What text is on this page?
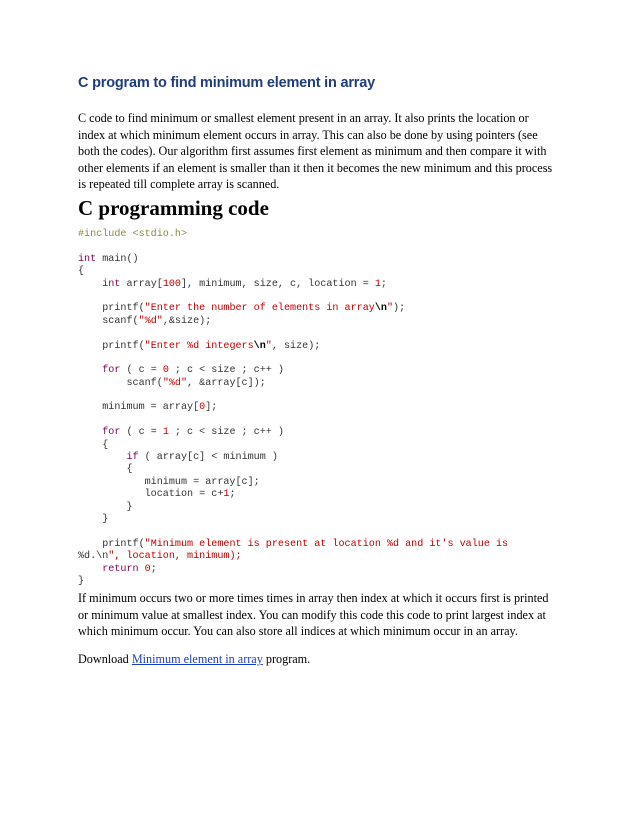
C program to find minimum element in array
C code to find minimum or smallest element present in an array. It also prints the location or
index at which minimum element occurs in array. This can also be done by using pointers (see
both the codes). Our algorithm first assumes first element as minimum and then compare it with
other elements if an element is smaller than it then it becomes the new minimum and this process
is repeated till complete array is scanned.
C programming code
#include <stdio.h>
int main()
{
int array[100], minimum, size, c, location = 1;
printf("Enter the number of elements in array\n");
scanf("%d",&size);
printf("Enter %d integers\n", size);
for ( c = 0 ; c < size ; c++ )
scanf("%d", &array[c]);
minimum = array[0];
for ( c = 1 ; c < size ; c++ )
{
if ( array[c] < minimum )
{
minimum = array[c];
location = c+1;
}
}
printf("Minimum element is present at location %d and it's value is
%d.\n", location, minimum);
return 0;
}
If minimum occurs two or more times times in array then index at which it occurs first is printed
or minimum value at smallest index. You can modify this code this code to print largest index at
which minimum occur. You can also store all indices at which minimum occur in an array.
Download Minimum element in array program.
